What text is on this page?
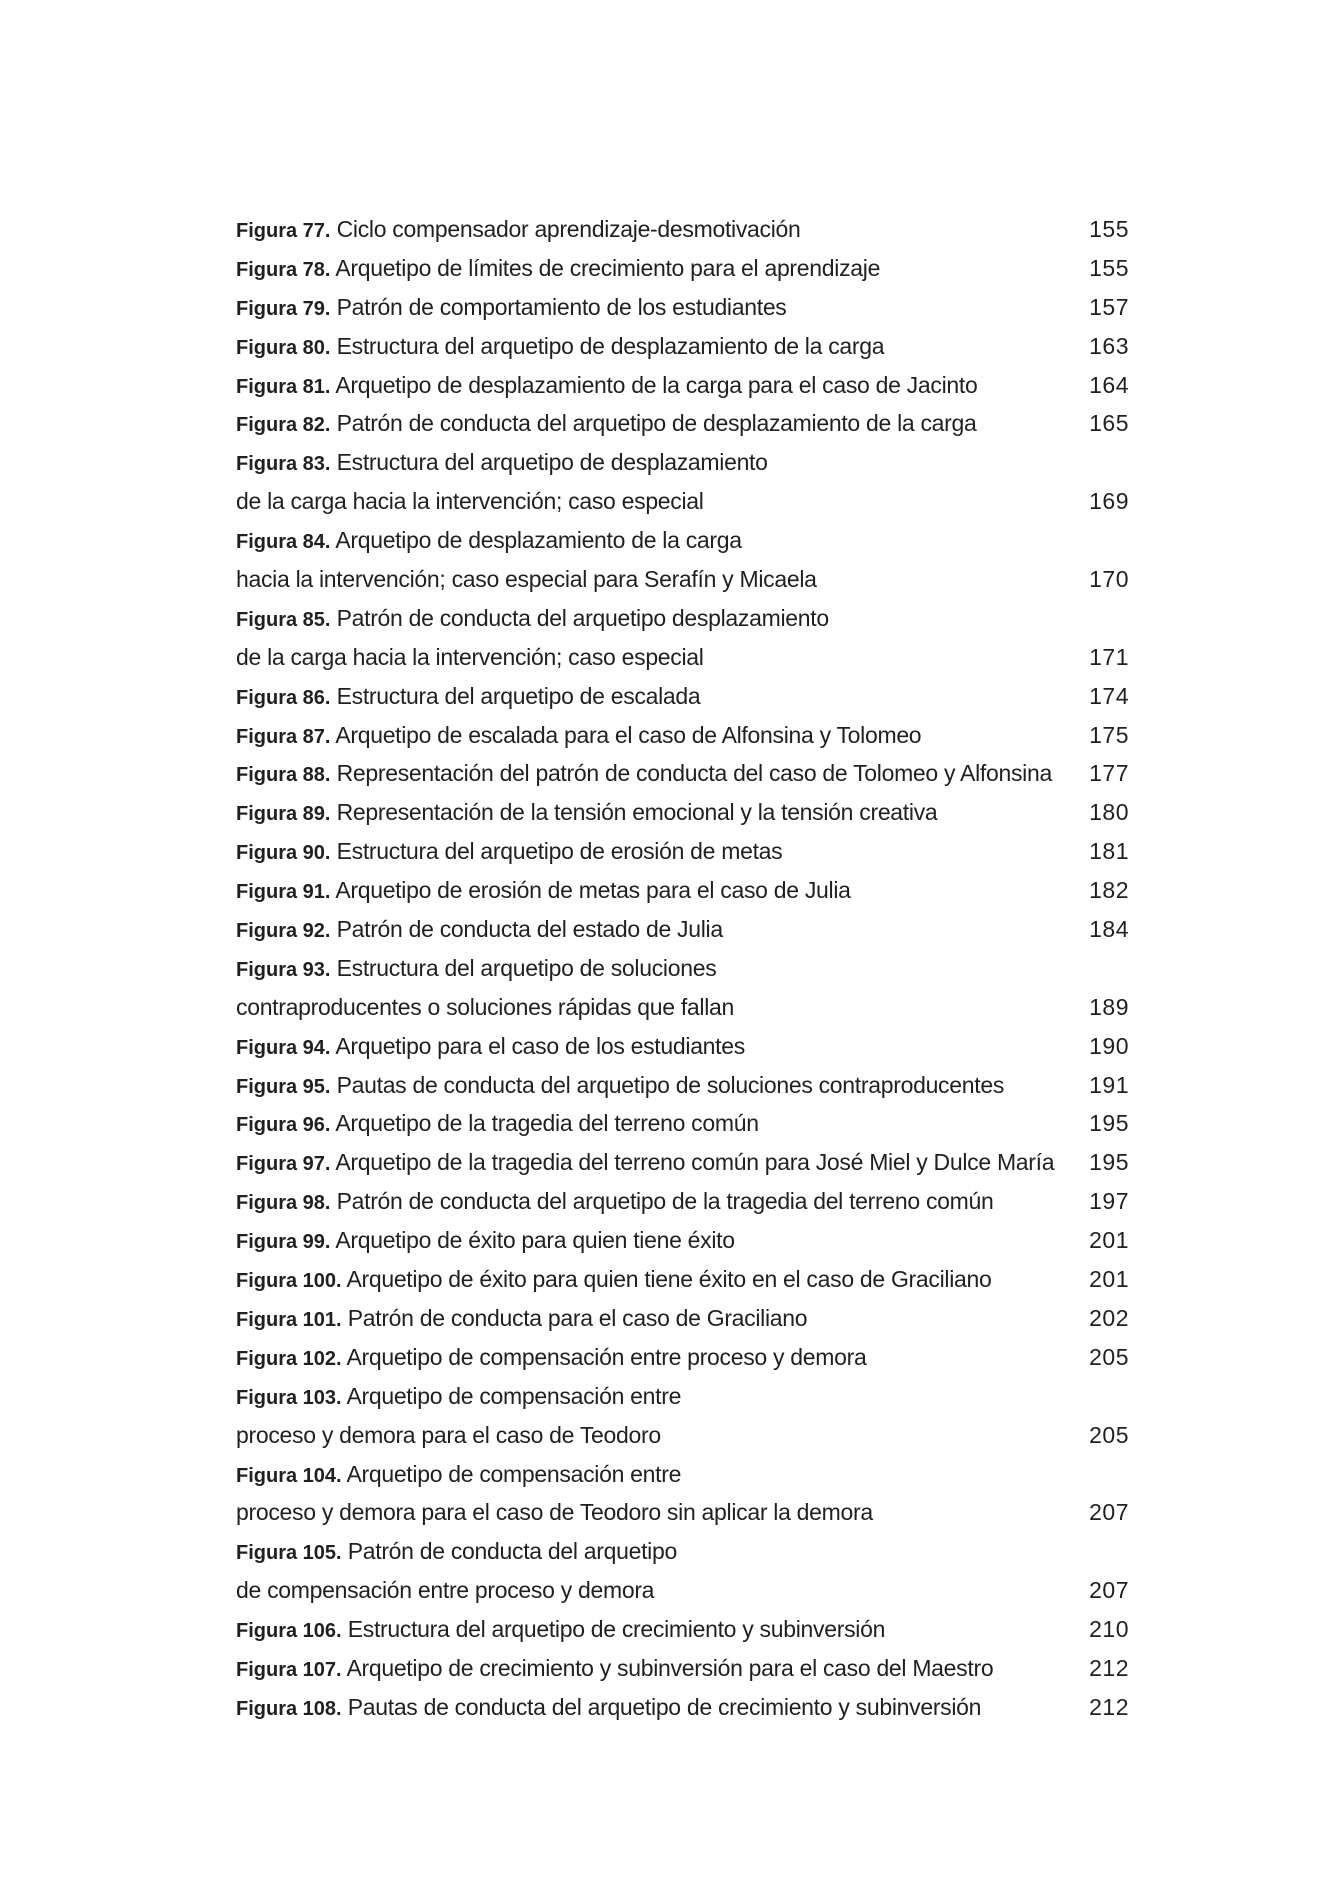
Figura 77. Ciclo compensador aprendizaje-desmotivación	155
Figura 78. Arquetipo de límites de crecimiento para el aprendizaje	155
Figura 79. Patrón de comportamiento de los estudiantes	157
Figura 80. Estructura del arquetipo de desplazamiento de la carga	163
Figura 81. Arquetipo de desplazamiento de la carga para el caso de Jacinto	164
Figura 82. Patrón de conducta del arquetipo de desplazamiento de la carga	165
Figura 83. Estructura del arquetipo de desplazamiento
de la carga hacia la intervención; caso especial	169
Figura 84. Arquetipo de desplazamiento de la carga
hacia la intervención; caso especial para Serafín y Micaela	170
Figura 85. Patrón de conducta del arquetipo desplazamiento
de la carga hacia la intervención; caso especial	171
Figura 86. Estructura del arquetipo de escalada	174
Figura 87. Arquetipo de escalada para el caso de Alfonsina y Tolomeo	175
Figura 88. Representación del patrón de conducta del caso de Tolomeo y Alfonsina	177
Figura 89. Representación de la tensión emocional y la tensión creativa	180
Figura 90. Estructura del arquetipo de erosión de metas	181
Figura 91. Arquetipo de erosión de metas para el caso de Julia	182
Figura 92. Patrón de conducta del estado de Julia	184
Figura 93. Estructura del arquetipo de soluciones
contraproducentes o soluciones rápidas que fallan	189
Figura 94. Arquetipo para el caso de los estudiantes	190
Figura 95. Pautas de conducta del arquetipo de soluciones contraproducentes	191
Figura 96. Arquetipo de la tragedia del terreno común	195
Figura 97. Arquetipo de la tragedia del terreno común para José Miel y Dulce María	195
Figura 98. Patrón de conducta del arquetipo de la tragedia del terreno común	197
Figura 99. Arquetipo de éxito para quien tiene éxito	201
Figura 100. Arquetipo de éxito para quien tiene éxito en el caso de Graciliano	201
Figura 101. Patrón de conducta para el caso de Graciliano	202
Figura 102. Arquetipo de compensación entre proceso y demora	205
Figura 103. Arquetipo de compensación entre
proceso y demora para el caso de Teodoro	205
Figura 104. Arquetipo de compensación entre
proceso y demora para el caso de Teodoro sin aplicar la demora	207
Figura 105. Patrón de conducta del arquetipo
de compensación entre proceso y demora	207
Figura 106. Estructura del arquetipo de crecimiento y subinversión	210
Figura 107. Arquetipo de crecimiento y subinversión para el caso del Maestro	212
Figura 108. Pautas de conducta del arquetipo de crecimiento y subinversión	212
